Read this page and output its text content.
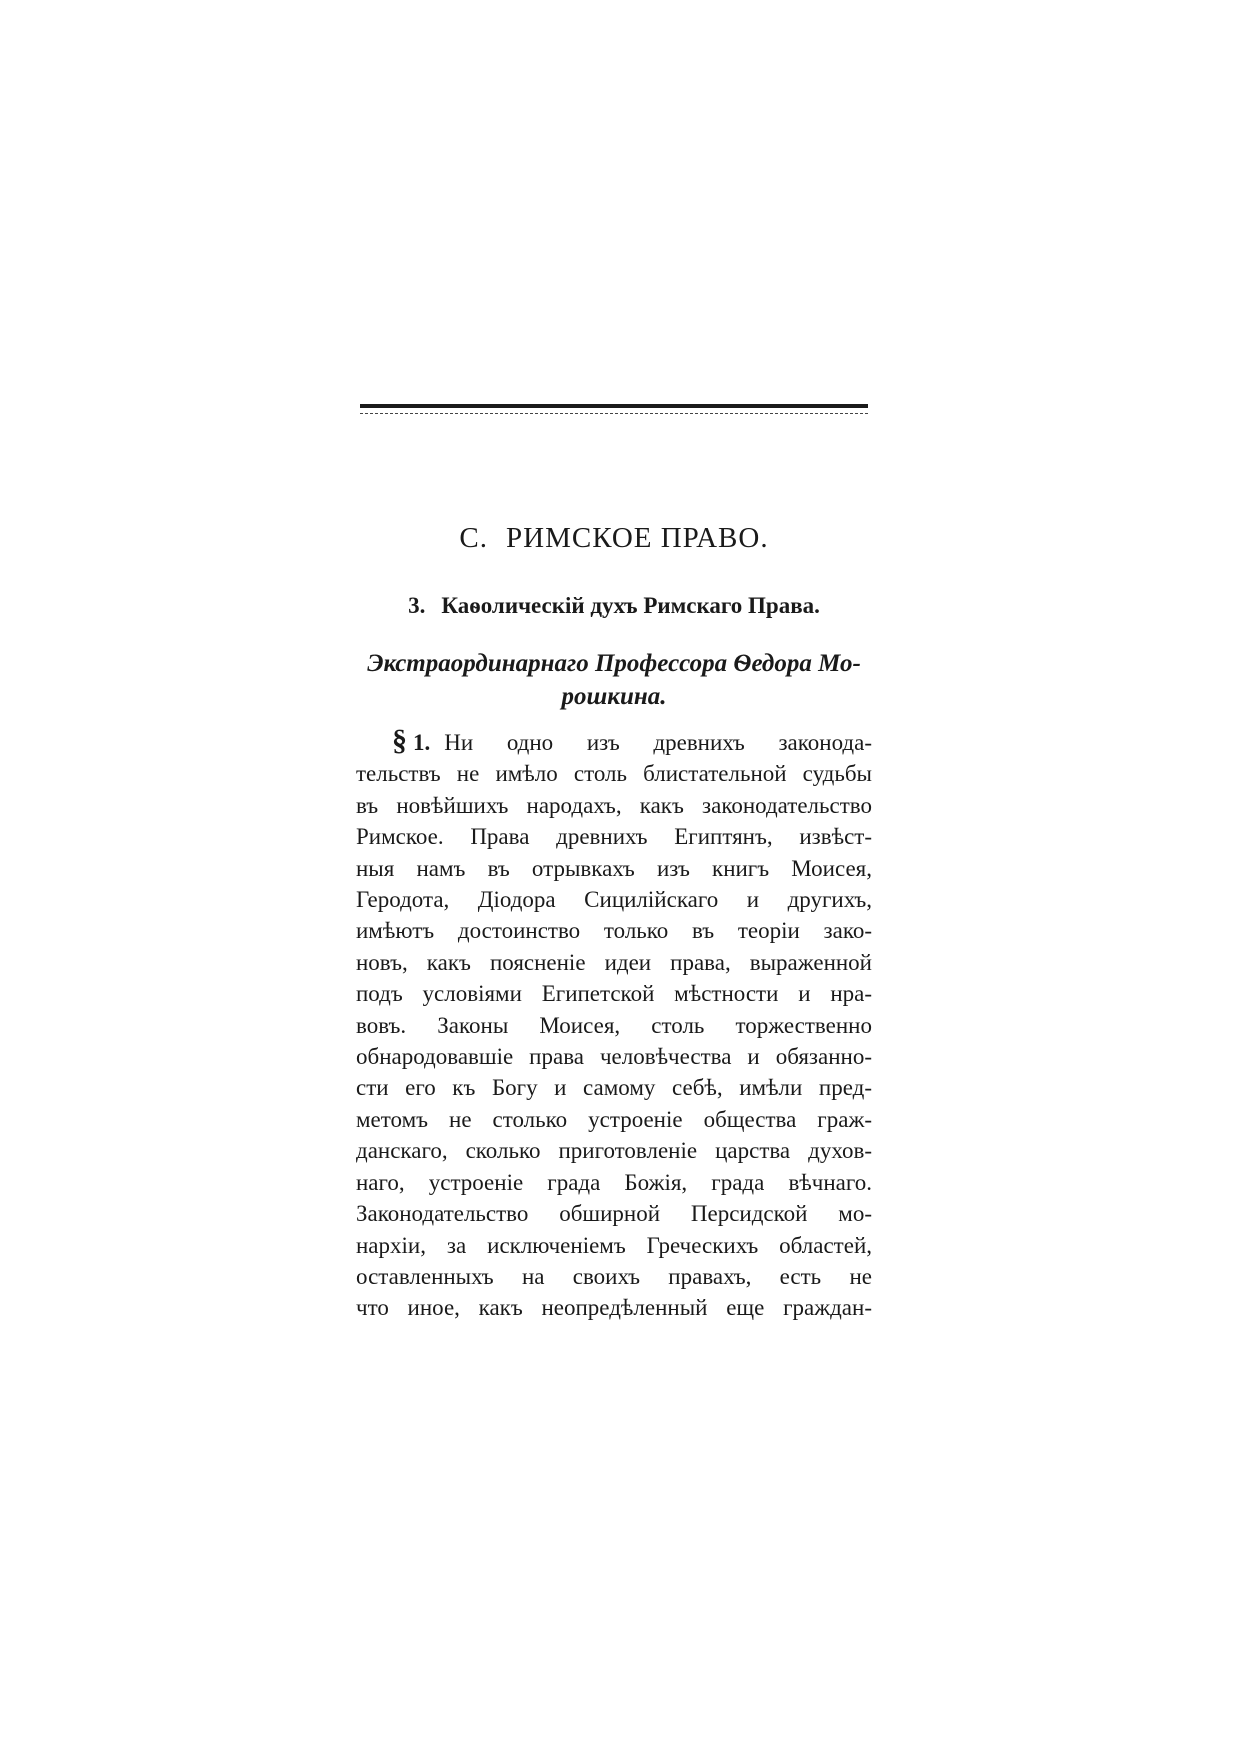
C. РИМСКОЕ ПРАВО.
3. Каѳолическій духъ Римскаго Права.

Экстраординарнаго Профессора Ѳедора Мо-
рошкина.

§ 1. Ни одно изъ древнихъ законода-
тельствъ не имѣло столь блистательной судьбы
въ новѣйшихъ народахъ, какъ законодательство
Римское. Права древнихъ Египтянъ, извѣст-
ныя намъ въ отрывкахъ изъ книгъ Моисея,
Геродота, Діодора Сицилійскаго и другихъ,
имѣютъ достоинство только въ теоріи зако-
новъ, какъ поясненіе идеи права, выраженной
подъ условіями Египетской мѣстности и нра-
вовъ. Законы Моисея, столь торжественно
обнародовавшіе права человѣчества и обязанно-
сти его къ Богу и самому себѣ, имѣли пред-
метомъ не столько устроеніе общества граж-
данскаго, сколько приготовленіе царства духов-
наго, устроеніе града Божія, града вѣчнаго.
Законодательство обширной Персидской мо-
нархіи, за исключеніемъ Греческихъ областей,
оставленныхъ на своихъ правахъ, есть не
что иное, какъ неопредѣленный еще граждан-
